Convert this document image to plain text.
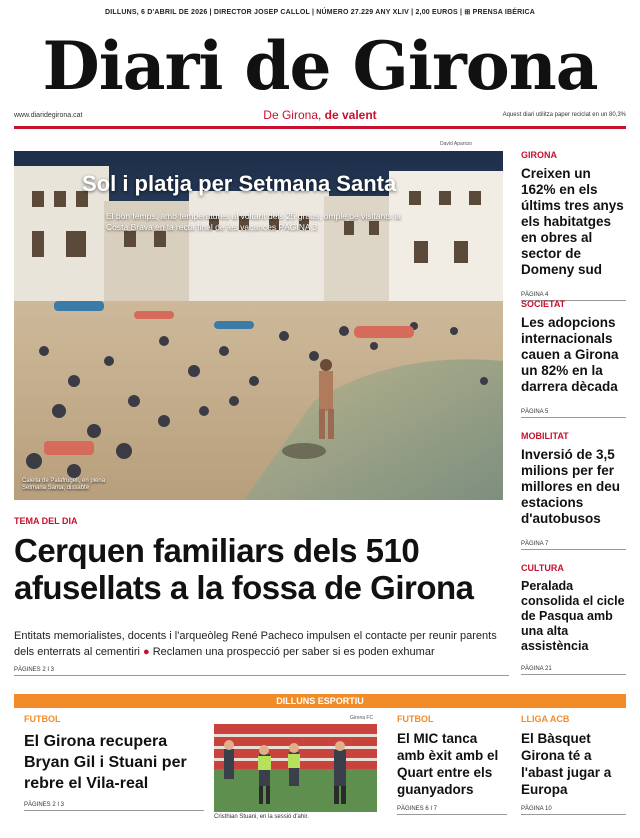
DILLUNS, 6 D'ABRIL DE 2026 | DIRECTOR JOSEP CALLOL | NÚMERO 27.229 ANY XLIV | 2,00 EUROS | ⊞ PRENSA IBÉRICA
Diari de Girona
www.diaridegirona.cat	De Girona, de valent	Aquest diari utilitza paper reciclat en un 80,3%
David Aparicio
Sol i platja per Setmana Santa
El bon temps, amb temperatures al voltant dels 25 graus, omple de visitants la Costa Brava en la recta final de les vacances PÀGINA 3
Calella de Palafrugell, en plena
Setmana Santa, dissabte
GIRONA
Creixen un 162% en els últims tres anys els habitatges en obres al sector de Domeny sud
PÀGINA 4
SOCIETAT
Les adopcions internacionals cauen a Girona un 82% en la darrera dècada
PÀGINA 5
MOBILITAT
Inversió de 3,5 milions per fer millores en deu estacions d'autobusos
PÀGINA 7
CULTURA
Peralada consolida el cicle de Pasqua amb una alta assistència
PÀGINA 21
TEMA DEL DIA
Cerquen familiars dels 510 afusellats a la fossa de Girona
Entitats memorialistes, docents i l'arqueòleg René Pacheco impulsen el contacte per reunir parents dels enterrats al cementiri ● Reclamen una prospecció per saber si es poden exhumar
PÀGINES 2 I 3
DILLUNS ESPORTIU
FUTBOL
El Girona recupera Bryan Gil i Stuani per rebre el Vila-real
PÀGINES 2 I 3
Girona FC
Cristhian Stuani, en la sessió d'ahir.
FUTBOL
El MIC tanca amb èxit amb el Quart entre els guanyadors
PÀGINES 6 I 7
LLIGA ACB
El Bàsquet Girona té a l'abast jugar a Europa
PÀGINA 10
